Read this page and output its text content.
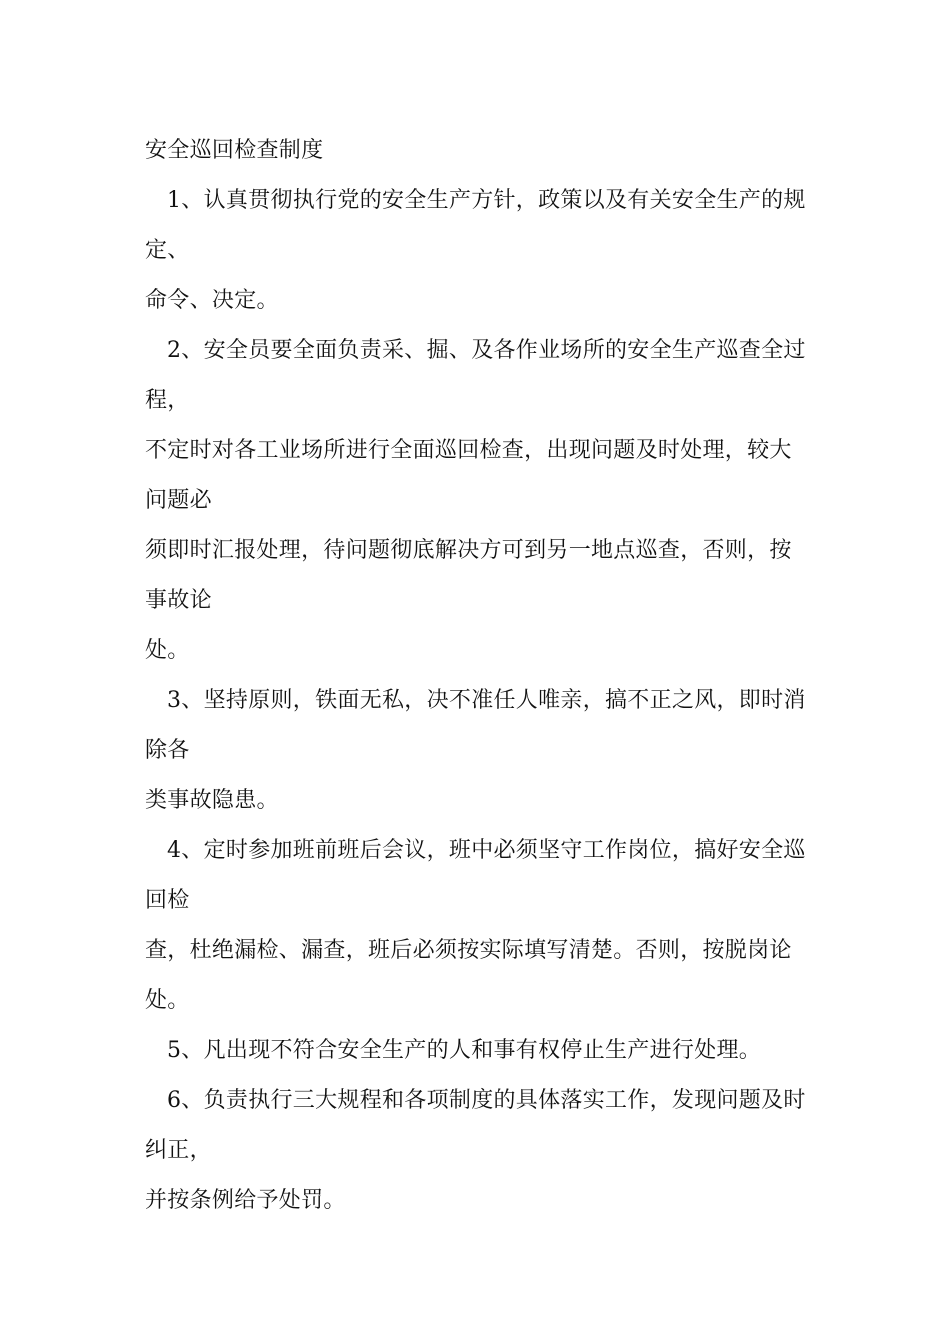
安全巡回检查制度
1、认真贯彻执行党的安全生产方针，政策以及有关安全生产的规
定、
命令、决定。
2、安全员要全面负责采、掘、及各作业场所的安全生产巡查全过
程，
不定时对各工业场所进行全面巡回检查，出现问题及时处理，较大
问题必
须即时汇报处理，待问题彻底解决方可到另一地点巡查，否则，按
事故论
处。
3、坚持原则，铁面无私，决不准任人唯亲，搞不正之风，即时消
除各
类事故隐患。
4、定时参加班前班后会议，班中必须坚守工作岗位，搞好安全巡
回检
查，杜绝漏检、漏查，班后必须按实际填写清楚。否则，按脱岗论
处。
5、凡出现不符合安全生产的人和事有权停止生产进行处理。
6、负责执行三大规程和各项制度的具体落实工作，发现问题及时
纠正，
并按条例给予处罚。
